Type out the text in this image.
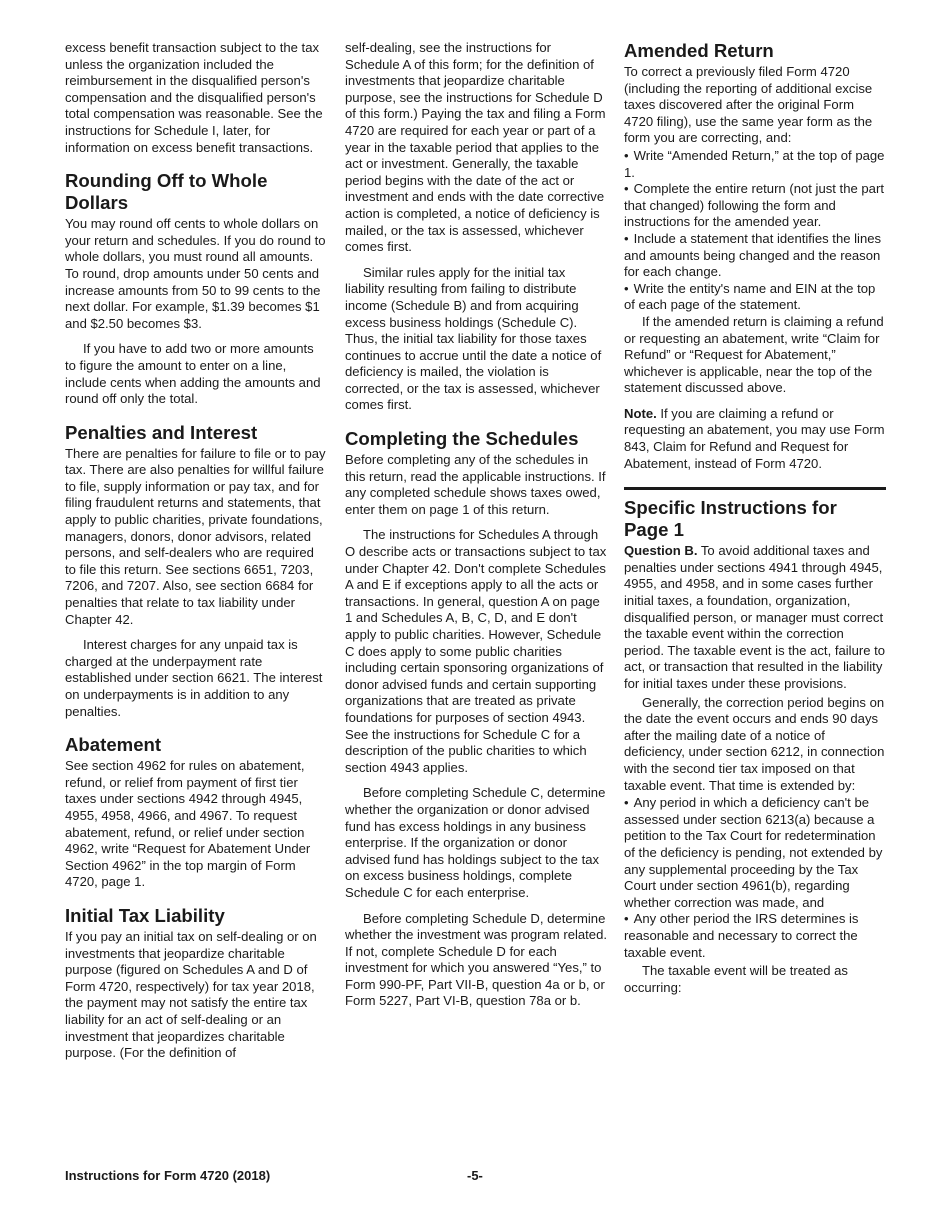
excess benefit transaction subject to the tax unless the organization included the reimbursement in the disqualified person's compensation and the disqualified person's total compensation was reasonable. See the instructions for Schedule I, later, for information on excess benefit transactions.

Rounding Off to Whole Dollars

You may round off cents to whole dollars on your return and schedules. If you do round to whole dollars, you must round all amounts. To round, drop amounts under 50 cents and increase amounts from 50 to 99 cents to the next dollar. For example, $1.39 becomes $1 and $2.50 becomes $3.

If you have to add two or more amounts to figure the amount to enter on a line, include cents when adding the amounts and round off only the total.

Penalties and Interest

There are penalties for failure to file or to pay tax. There are also penalties for willful failure to file, supply information or pay tax, and for filing fraudulent returns and statements, that apply to public charities, private foundations, managers, donors, donor advisors, related persons, and self-dealers who are required to file this return. See sections 6651, 7203, 7206, and 7207. Also, see section 6684 for penalties that relate to tax liability under Chapter 42.

Interest charges for any unpaid tax is charged at the underpayment rate established under section 6621. The interest on underpayments is in addition to any penalties.

Abatement

See section 4962 for rules on abatement, refund, or relief from payment of first tier taxes under sections 4942 through 4945, 4955, 4958, 4966, and 4967. To request abatement, refund, or relief under section 4962, write “Request for Abatement Under Section 4962” in the top margin of Form 4720, page 1.

Initial Tax Liability

If you pay an initial tax on self-dealing or on investments that jeopardize charitable purpose (figured on Schedules A and D of Form 4720, respectively) for tax year 2018, the payment may not satisfy the entire tax liability for an act of self-dealing or an investment that jeopardizes charitable purpose. (For the definition of

self-dealing, see the instructions for Schedule A of this form; for the definition of investments that jeopardize charitable purpose, see the instructions for Schedule D of this form.) Paying the tax and filing a Form 4720 are required for each year or part of a year in the taxable period that applies to the act or investment. Generally, the taxable period begins with the date of the act or investment and ends with the date corrective action is completed, a notice of deficiency is mailed, or the tax is assessed, whichever comes first.

Similar rules apply for the initial tax liability resulting from failing to distribute income (Schedule B) and from acquiring excess business holdings (Schedule C). Thus, the initial tax liability for those taxes continues to accrue until the date a notice of deficiency is mailed, the violation is corrected, or the tax is assessed, whichever comes first.

Completing the Schedules

Before completing any of the schedules in this return, read the applicable instructions. If any completed schedule shows taxes owed, enter them on page 1 of this return.

The instructions for Schedules A through O describe acts or transactions subject to tax under Chapter 42. Don't complete Schedules A and E if exceptions apply to all the acts or transactions. In general, question A on page 1 and Schedules A, B, C, D, and E don't apply to public charities. However, Schedule C does apply to some public charities including certain sponsoring organizations of donor advised funds and certain supporting organizations that are treated as private foundations for purposes of section 4943. See the instructions for Schedule C for a description of the public charities to which section 4943 applies.

Before completing Schedule C, determine whether the organization or donor advised fund has excess holdings in any business enterprise. If the organization or donor advised fund has holdings subject to the tax on excess business holdings, complete Schedule C for each enterprise.

Before completing Schedule D, determine whether the investment was program related. If not, complete Schedule D for each investment for which you answered “Yes,” to Form 990-PF, Part VII-B, question 4a or b, or Form 5227, Part VI-B, question 78a or b.

Amended Return

To correct a previously filed Form 4720 (including the reporting of additional excise taxes discovered after the original Form 4720 filing), use the same year form as the form you are correcting, and:

• Write “Amended Return,” at the top of page 1.
• Complete the entire return (not just the part that changed) following the form and instructions for the amended year.
• Include a statement that identifies the lines and amounts being changed and the reason for each change.
• Write the entity's name and EIN at the top of each page of the statement.

If the amended return is claiming a refund or requesting an abatement, write “Claim for Refund” or “Request for Abatement,” whichever is applicable, near the top of the statement discussed above.

Note. If you are claiming a refund or requesting an abatement, you may use Form 843, Claim for Refund and Request for Abatement, instead of Form 4720.

Specific Instructions for Page 1

Question B. To avoid additional taxes and penalties under sections 4941 through 4945, 4955, and 4958, and in some cases further initial taxes, a foundation, organization, disqualified person, or manager must correct the taxable event within the correction period. The taxable event is the act, failure to act, or transaction that resulted in the liability for initial taxes under these provisions.

Generally, the correction period begins on the date the event occurs and ends 90 days after the mailing date of a notice of deficiency, under section 6212, in connection with the second tier tax imposed on that taxable event. That time is extended by:

• Any period in which a deficiency can't be assessed under section 6213(a) because a petition to the Tax Court for redetermination of the deficiency is pending, not extended by any supplemental proceeding by the Tax Court under section 4961(b), regarding whether correction was made, and
• Any other period the IRS determines is reasonable and necessary to correct the taxable event.

The taxable event will be treated as occurring:

Instructions for Form 4720 (2018)	-5-
